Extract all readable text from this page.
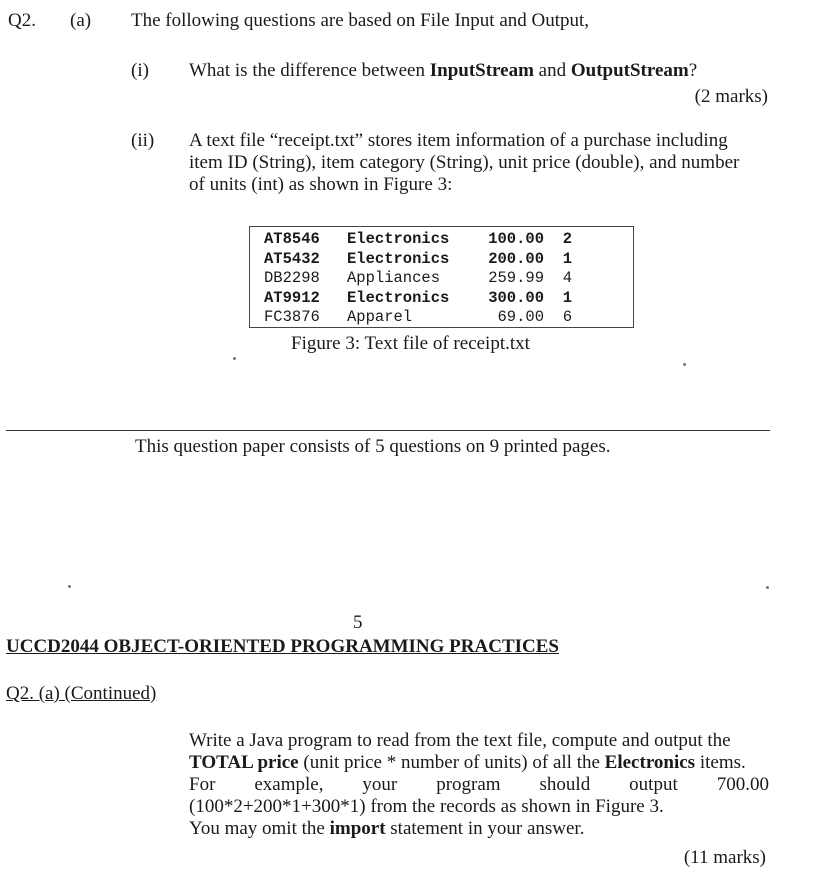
Q2. (a) The following questions are based on File Input and Output,
(i) What is the difference between InputStream and OutputStream?
(2 marks)
(ii) A text file “receipt.txt” stores item information of a purchase including
item ID (String), item category (String), unit price (double), and number
of units (int) as shown in Figure 3:
AT8546	Electronics	100.00	2
AT5432	Electronics	200.00	1
DB2298	Appliances	259.99	4
AT9912	Electronics	300.00	1
FC3876	Apparel	69.00	6
Figure 3: Text file of receipt.txt
This question paper consists of 5 questions on 9 printed pages.
5
UCCD2044 OBJECT-ORIENTED PROGRAMMING PRACTICES
Q2. (a) (Continued)
Write a Java program to read from the text file, compute and output the
TOTAL price (unit price * number of units) of all the Electronics items.
For example, your program should output 700.00
(100*2+200*1+300*1) from the records as shown in Figure 3.
You may omit the import statement in your answer.
(11 marks)
